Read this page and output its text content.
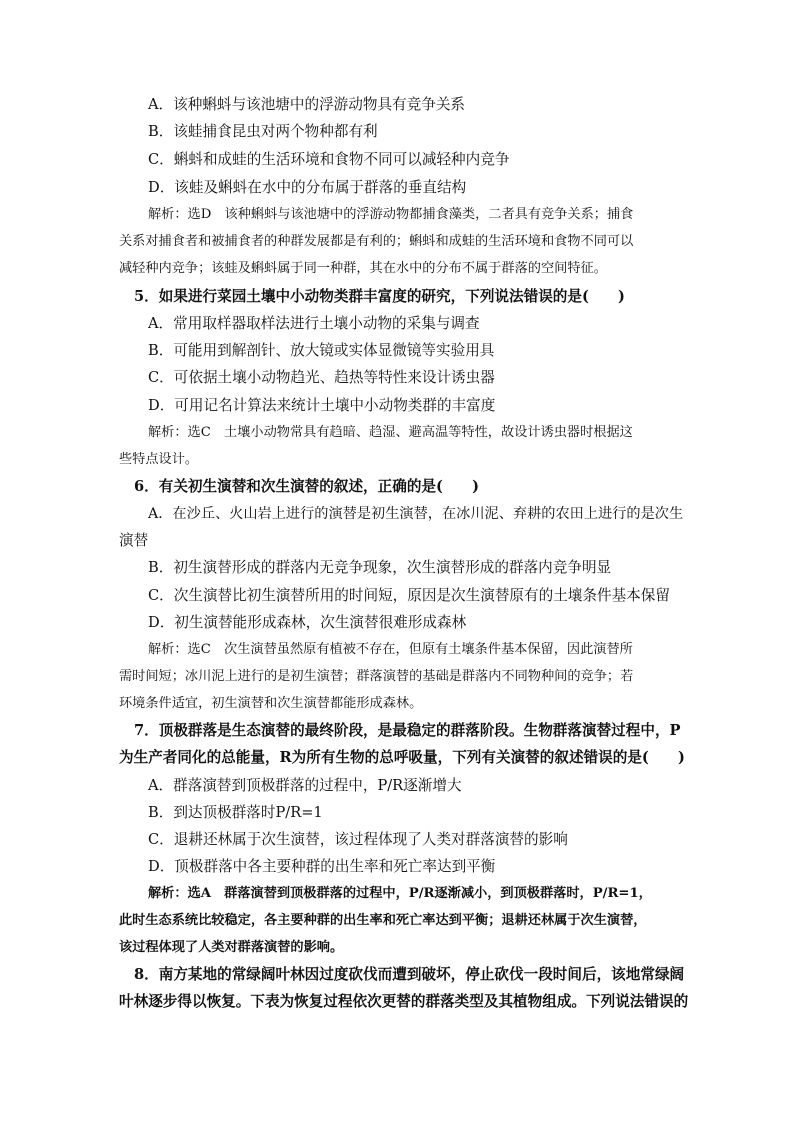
A．该种蝌蚪与该池塘中的浮游动物具有竞争关系
B．该蛙捕食昆虫对两个物种都有利
C．蝌蚪和成蛙的生活环境和食物不同可以减轻种内竞争
D．该蛙及蝌蚪在水中的分布属于群落的垂直结构
解析：选D　该种蝌蚪与该池塘中的浮游动物都捕食藻类，二者具有竞争关系；捕食
关系对捕食者和被捕食者的种群发展都是有利的；蝌蚪和成蛙的生活环境和食物不同可以
减轻种内竞争；该蛙及蝌蚪属于同一种群，其在水中的分布不属于群落的空间特征。
5．如果进行菜园土壤中小动物类群丰富度的研究，下列说法错误的是(　　)
A．常用取样器取样法进行土壤小动物的采集与调查
B．可能用到解剖针、放大镜或实体显微镜等实验用具
C．可依据土壤小动物趋光、趋热等特性来设计诱虫器
D．可用记名计算法来统计土壤中小动物类群的丰富度
解析：选C　土壤小动物常具有趋暗、趋湿、避高温等特性，故设计诱虫器时根据这
些特点设计。
6．有关初生演替和次生演替的叙述，正确的是(　　)
A．在沙丘、火山岩上进行的演替是初生演替，在冰川泥、弃耕的农田上进行的是次生
演替
B．初生演替形成的群落内无竞争现象，次生演替形成的群落内竞争明显
C．次生演替比初生演替所用的时间短，原因是次生演替原有的土壤条件基本保留
D．初生演替能形成森林，次生演替很难形成森林
解析：选C　次生演替虽然原有植被不存在，但原有土壤条件基本保留，因此演替所
需时间短；冰川泥上进行的是初生演替；群落演替的基础是群落内不同物种间的竞争；若
环境条件适宜，初生演替和次生演替都能形成森林。
7．顶极群落是生态演替的最终阶段，是最稳定的群落阶段。生物群落演替过程中，P
为生产者同化的总能量，R为所有生物的总呼吸量，下列有关演替的叙述错误的是(　　)
A．群落演替到顶极群落的过程中，P/R逐渐增大
B．到达顶极群落时P/R=1
C．退耕还林属于次生演替，该过程体现了人类对群落演替的影响
D．顶极群落中各主要种群的出生率和死亡率达到平衡
解析：选A　群落演替到顶极群落的过程中，P/R逐渐减小，到顶极群落时，P/R=1，
此时生态系统比较稳定，各主要种群的出生率和死亡率达到平衡；退耕还林属于次生演替，
该过程体现了人类对群落演替的影响。
8．南方某地的常绿阔叶林因过度砍伐而遭到破坏，停止砍伐一段时间后，该地常绿阔
叶林逐步得以恢复。下表为恢复过程依次更替的群落类型及其植物组成。下列说法错误的
